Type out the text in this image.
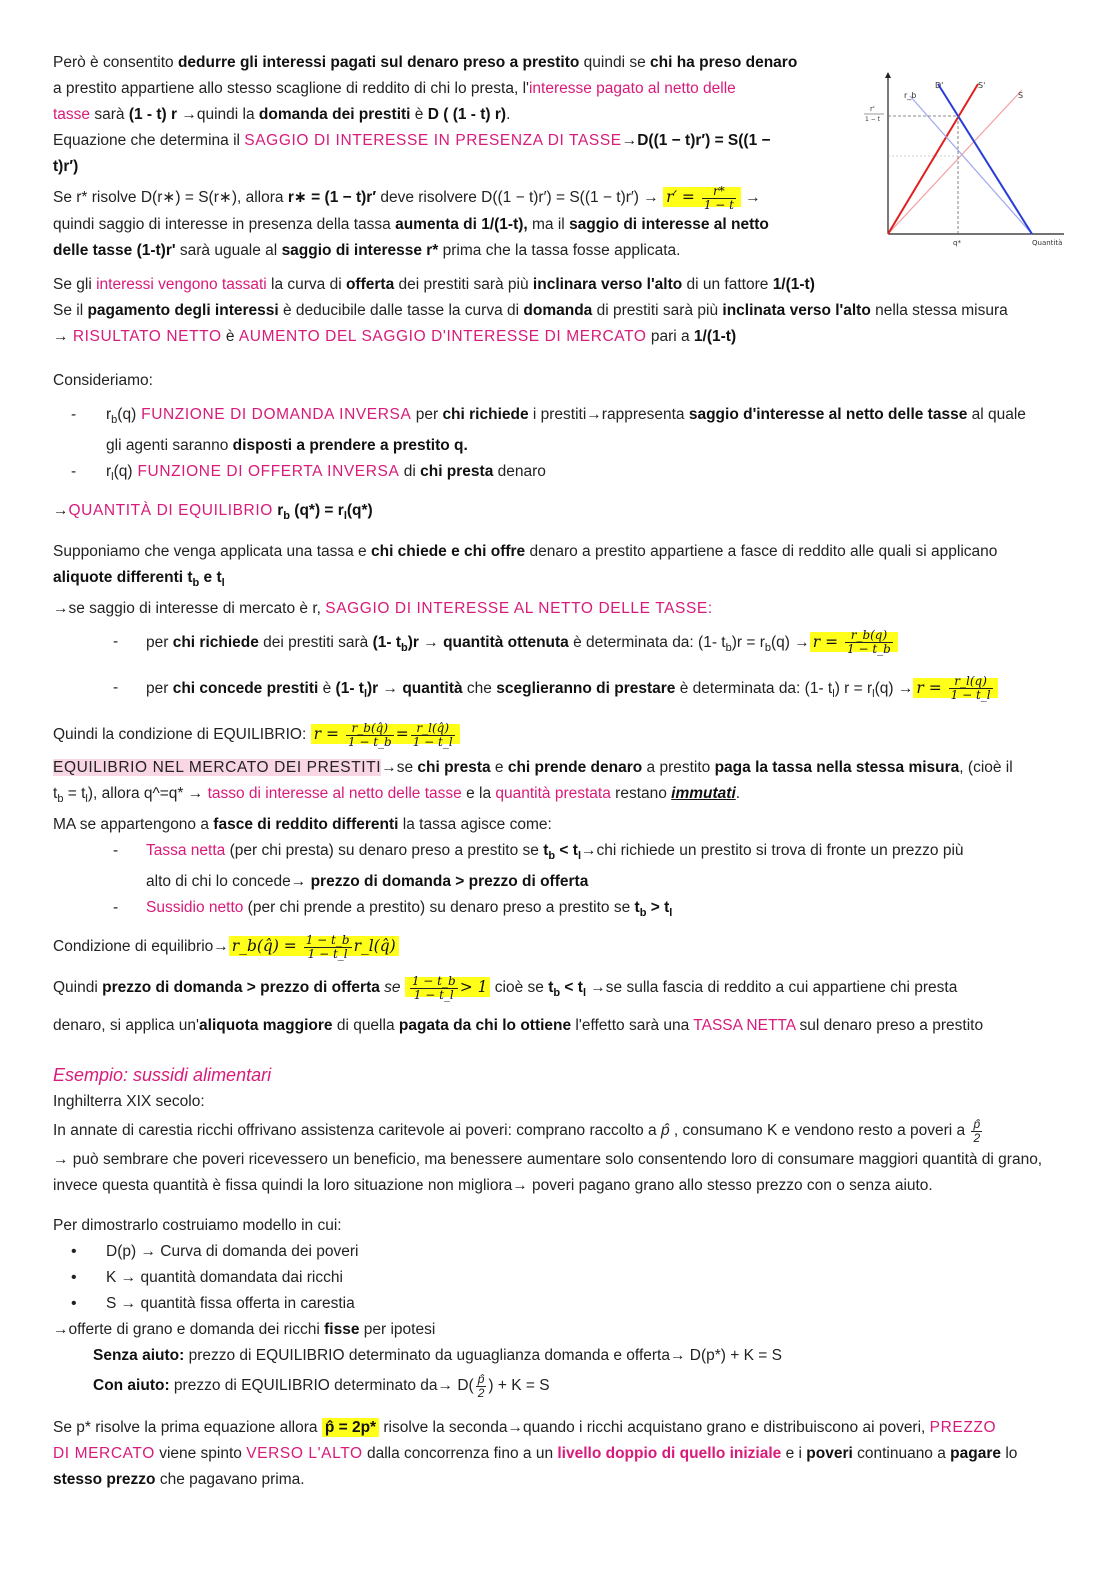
r_b
D'	S'
S
q*	Quantità
r'
1 − t

Però è consentito dedurre gli interessi pagati sul denaro preso a prestito quindi se chi ha preso denaro
a prestito appartiene allo stesso scaglione di reddito di chi lo presta, l'interesse pagato al netto delle
tasse sarà (1 - t) r →quindi la domanda dei prestiti è D ( (1 - t) r).

Equazione che determina il SAGGIO DI INTERESSE IN PRESENZA DI TASSE→D((1 − t)r′) = S((1 −
t)r′)

Se r* risolve D(r∗) = S(r∗), allora r∗ = (1 − t)r′ deve risolvere $D((1 - t)r') = S((1 - t)r') \to r' = \frac{r*}{1 - t}$ →
quindi saggio di interesse in presenza della tassa aumenta di 1/(1-t), ma il saggio di interesse al netto
delle tasse (1-t)r' sarà uguale al saggio di interesse r* prima che la tassa fosse applicata.

Se gli interessi vengono tassati la curva di offerta dei prestiti sarà più inclinara verso l'alto di un fattore 1/(1-t)

Se il pagamento degli interessi è deducibile dalle tasse la curva di domanda di prestiti sarà più inclinata verso l'alto nella stessa misura

→ RISULTATO NETTO è AUMENTO DEL SAGGIO D'INTERESSE DI MERCATO pari a 1/(1-t)

Consideriamo:

- $r_b(q)$ FUNZIONE DI DOMANDA INVERSA per chi richiede i prestiti→rappresenta saggio d'interesse al netto delle tasse al quale
gli agenti saranno disposti a prendere a prestito q.
- $r_l(q)$ FUNZIONE DI OFFERTA INVERSA di chi presta denaro

→QUANTITÀ DI EQUILIBRIO $r_b$ $(q*) = r_l(q*)$

Supponiamo che venga applicata una tassa e chi chiede e chi offre denaro a prestito appartiene a fasce di reddito alle quali si applicano
aliquote differenti $t_b$ e $t_l$

→se saggio di interesse di mercato è r, SAGGIO DI INTERESSE AL NETTO DELLE TASSE:

- per chi richiede dei prestiti sarà (1- $t_b)r$ → quantità ottenuta è determinata da: (1- $t_b)r = r_b(q) \to r = \frac{r\_b(q)}{1 - t\_b}$
- per chi concede prestiti è (1- $t_l)r$ → quantità che sceglieranno di prestare è determinata da: (1- $t_l$) $r = r_l(q) \to r = \frac{r\_l(q)}{1 - t\_l}$

Quindi la condizione di EQUILIBRIO: $r = \frac{r\_b(q̂)}{1 - t\_b} = \frac{r\_l(q̂)}{1 - t\_l}$

EQUILIBRIO NEL MERCATO DEI PRESTITI→se chi presta e chi prende denaro a prestito paga la tassa nella stessa misura, (cioè il
$t_b = t_l$), allora q^=q* → tasso di interesse al netto delle tasse e la quantità prestata restano immutati.

MA se appartengono a fasce di reddito differenti la tassa agisce come:

- Tassa netta (per chi presta) su denaro preso a prestito se $t_b < t_l\to chi$ richiede un prestito si trova di fronte un prezzo più
alto di chi lo concede→ prezzo di domanda > prezzo di offerta
- Sussidio netto (per chi prende a prestito) su denaro preso a prestito se $t_b > t_l$

Condizione di equilibrio→ r_b(q̂) = $\frac{1 - t\_b}{1 - t\_l}$ r_l(q̂)

Quindi prezzo di domanda > prezzo di offerta se $\frac{1 - t\_b}{1 - t\_l} > 1$ cioè se $t_b < t_l \to se$ sulla fascia di reddito a cui appartiene chi presta

denaro, si applica un'aliquota maggiore di quella pagata da chi lo ottiene l'effetto sarà una TASSA NETTA sul denaro preso a prestito

Esempio: sussidi alimentari

Inghilterra XIX secolo:

In annate di carestia ricchi offrivano assistenza caritevole ai poveri: comprano raccolto a p̂ , consumano K e vendono resto a poveri a $\frac{p̂}{2}$

→ può sembrare che poveri ricevessero un beneficio, ma benessere aumentare solo consentendo loro di consumare maggiori quantità di grano, invece questa quantità è fissa quindi la loro situazione non migliora→ poveri pagano grano allo stesso prezzo con o senza aiuto.

Per dimostrarlo costruiamo modello in cui:

• D(p) → Curva di domanda dei poveri
• K → quantità domandata dai ricchi
• S → quantità fissa offerta in carestia

→offerte di grano e domanda dei ricchi fisse per ipotesi

Senza aiuto: prezzo di EQUILIBRIO determinato da uguaglianza domanda e offerta→ D(p*) + K = S

Con aiuto: prezzo di EQUILIBRIO determinato $da\to D( \frac{p̂}{2}$ ) + K = S

Se p* risolve la prima equazione allora p̂ = 2p* risolve la seconda→quando i ricchi acquistano grano e distribuiscono ai poveri, PREZZO
DI MERCATO viene spinto VERSO L'ALTO dalla concorrenza fino a un livello doppio di quello iniziale e i poveri continuano a pagare lo
stesso prezzo che pagavano prima.
